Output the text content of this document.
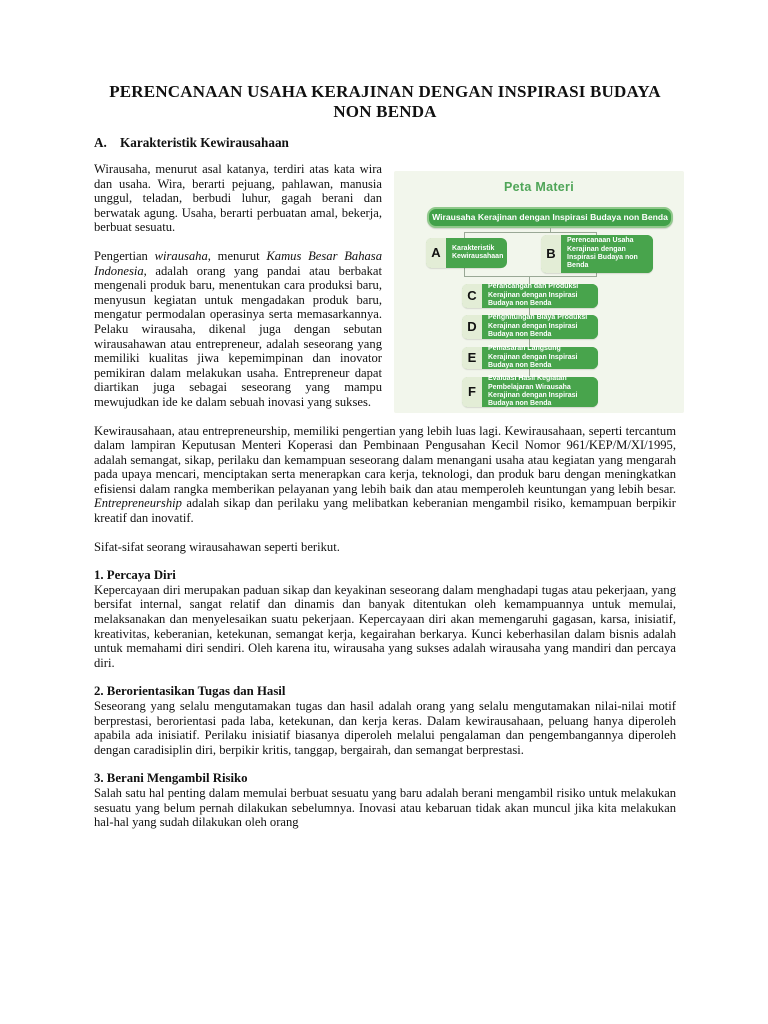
PERENCANAAN USAHA KERAJINAN DENGAN INSPIRASI BUDAYA
NON BENDA
A. Karakteristik Kewirausahaan
Peta Materi
Wirausaha Kerajinan dengan Inspirasi Budaya non Benda
A	Karakteristik Kewirausahaan	B
Perencanaan Usaha Kerajinan dengan Inspirasi Budaya non Benda
C
Perancangan dan Produksi Kerajinan dengan Inspirasi Budaya non Benda
D
Penghitungan Biaya Produksi Kerajinan dengan Inspirasi Budaya non Benda
E
Pemasaran Langsung Kerajinan dengan Inspirasi Budaya non Benda
F
Evaluasi Hasil Kegiatan Pembelajaran Wirausaha Kerajinan dengan Inspirasi Budaya non Benda

Wirausaha, menurut asal katanya, terdiri atas kata wira dan usaha. Wira, berarti pejuang, pahlawan, manusia unggul, teladan, berbudi luhur, gagah berani dan berwatak agung. Usaha, berarti perbuatan amal, bekerja, berbuat sesuatu.

Pengertian wirausaha, menurut Kamus Besar Bahasa Indonesia, adalah orang yang pandai atau berbakat mengenali produk baru, menentukan cara produksi baru, menyusun kegiatan untuk mengadakan produk baru, mengatur permodalan operasinya serta memasarkannya. Pelaku wirausaha, dikenal juga dengan sebutan wirausahawan atau entrepreneur, adalah seseorang yang memiliki kualitas jiwa kepemimpinan dan inovator pemikiran dalam melakukan usaha. Entrepreneur dapat diartikan juga sebagai seseorang yang mampu mewujudkan ide ke dalam sebuah inovasi yang sukses.

Kewirausahaan, atau entrepreneurship, memiliki pengertian yang lebih luas lagi. Kewirausahaan, seperti tercantum dalam lampiran Keputusan Menteri Koperasi dan Pembinaan Pengusahan Kecil Nomor 961/KEP/M/XI/1995, adalah semangat, sikap, perilaku dan kemampuan seseorang dalam menangani usaha atau kegiatan yang mengarah pada upaya mencari, menciptakan serta menerapkan cara kerja, teknologi, dan produk baru dengan meningkatkan efisiensi dalam rangka memberikan pelayanan yang lebih baik dan atau memperoleh keuntungan yang lebih besar. Entrepreneurship adalah sikap dan perilaku yang melibatkan keberanian mengambil risiko, kemampuan berpikir kreatif dan inovatif.

Sifat-sifat seorang wirausahawan seperti berikut.

1. Percaya Diri

Kepercayaan diri merupakan paduan sikap dan keyakinan seseorang dalam menghadapi tugas atau pekerjaan, yang bersifat internal, sangat relatif dan dinamis dan banyak ditentukan oleh kemampuannya untuk memulai, melaksanakan dan menyelesaikan suatu pekerjaan. Kepercayaan diri akan memengaruhi gagasan, karsa, inisiatif, kreativitas, keberanian, ketekunan, semangat kerja, kegairahan berkarya. Kunci keberhasilan dalam bisnis adalah untuk memahami diri sendiri. Oleh karena itu, wirausaha yang sukses adalah wirausaha yang mandiri dan percaya diri.

2. Berorientasikan Tugas dan Hasil

Seseorang yang selalu mengutamakan tugas dan hasil adalah orang yang selalu mengutamakan nilai-nilai motif berprestasi, berorientasi pada laba, ketekunan, dan kerja keras. Dalam kewirausahaan, peluang hanya diperoleh apabila ada inisiatif. Perilaku inisiatif biasanya diperoleh melalui pengalaman dan pengembangannya diperoleh dengan caradisiplin diri, berpikir kritis, tanggap, bergairah, dan semangat berprestasi.

3. Berani Mengambil Risiko

Salah satu hal penting dalam memulai berbuat sesuatu yang baru adalah berani mengambil risiko untuk melakukan sesuatu yang belum pernah dilakukan sebelumnya. Inovasi atau kebaruan tidak akan muncul jika kita melakukan hal-hal yang sudah dilakukan oleh orang
